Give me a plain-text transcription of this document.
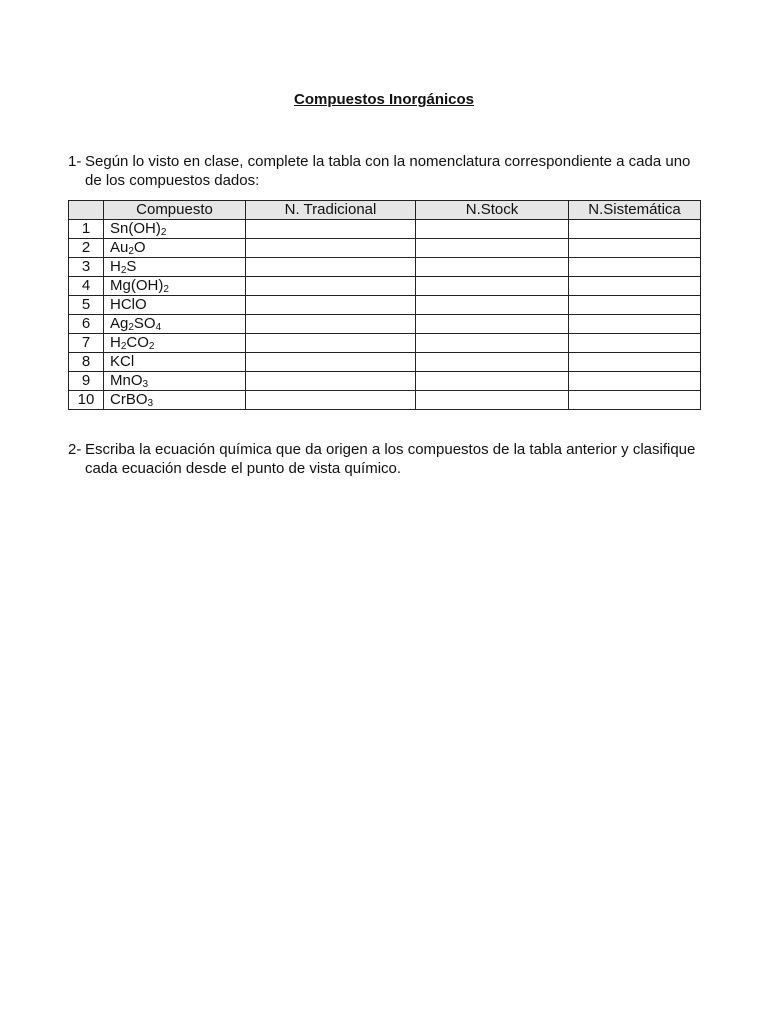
Compuestos Inorgánicos
1- Según lo visto en clase, complete la tabla con la nomenclatura correspondiente a cada uno de los compuestos dados:
	Compuesto	N. Tradicional	N.Stock	N.Sistemática
1	$Sn(OH)_2$			
2	$Au_2O$			
3	$H_2S$			
4	$Mg(OH)_2$			
5	HClO			
6	$Ag_2SO_4$			
7	$H_2CO_2$			
8	KCl			
9	MnO$_3$			
10	CrBO$_3$			
2- Escriba la ecuación química que da origen a los compuestos de la tabla anterior y clasifique cada ecuación desde el punto de vista químico.
